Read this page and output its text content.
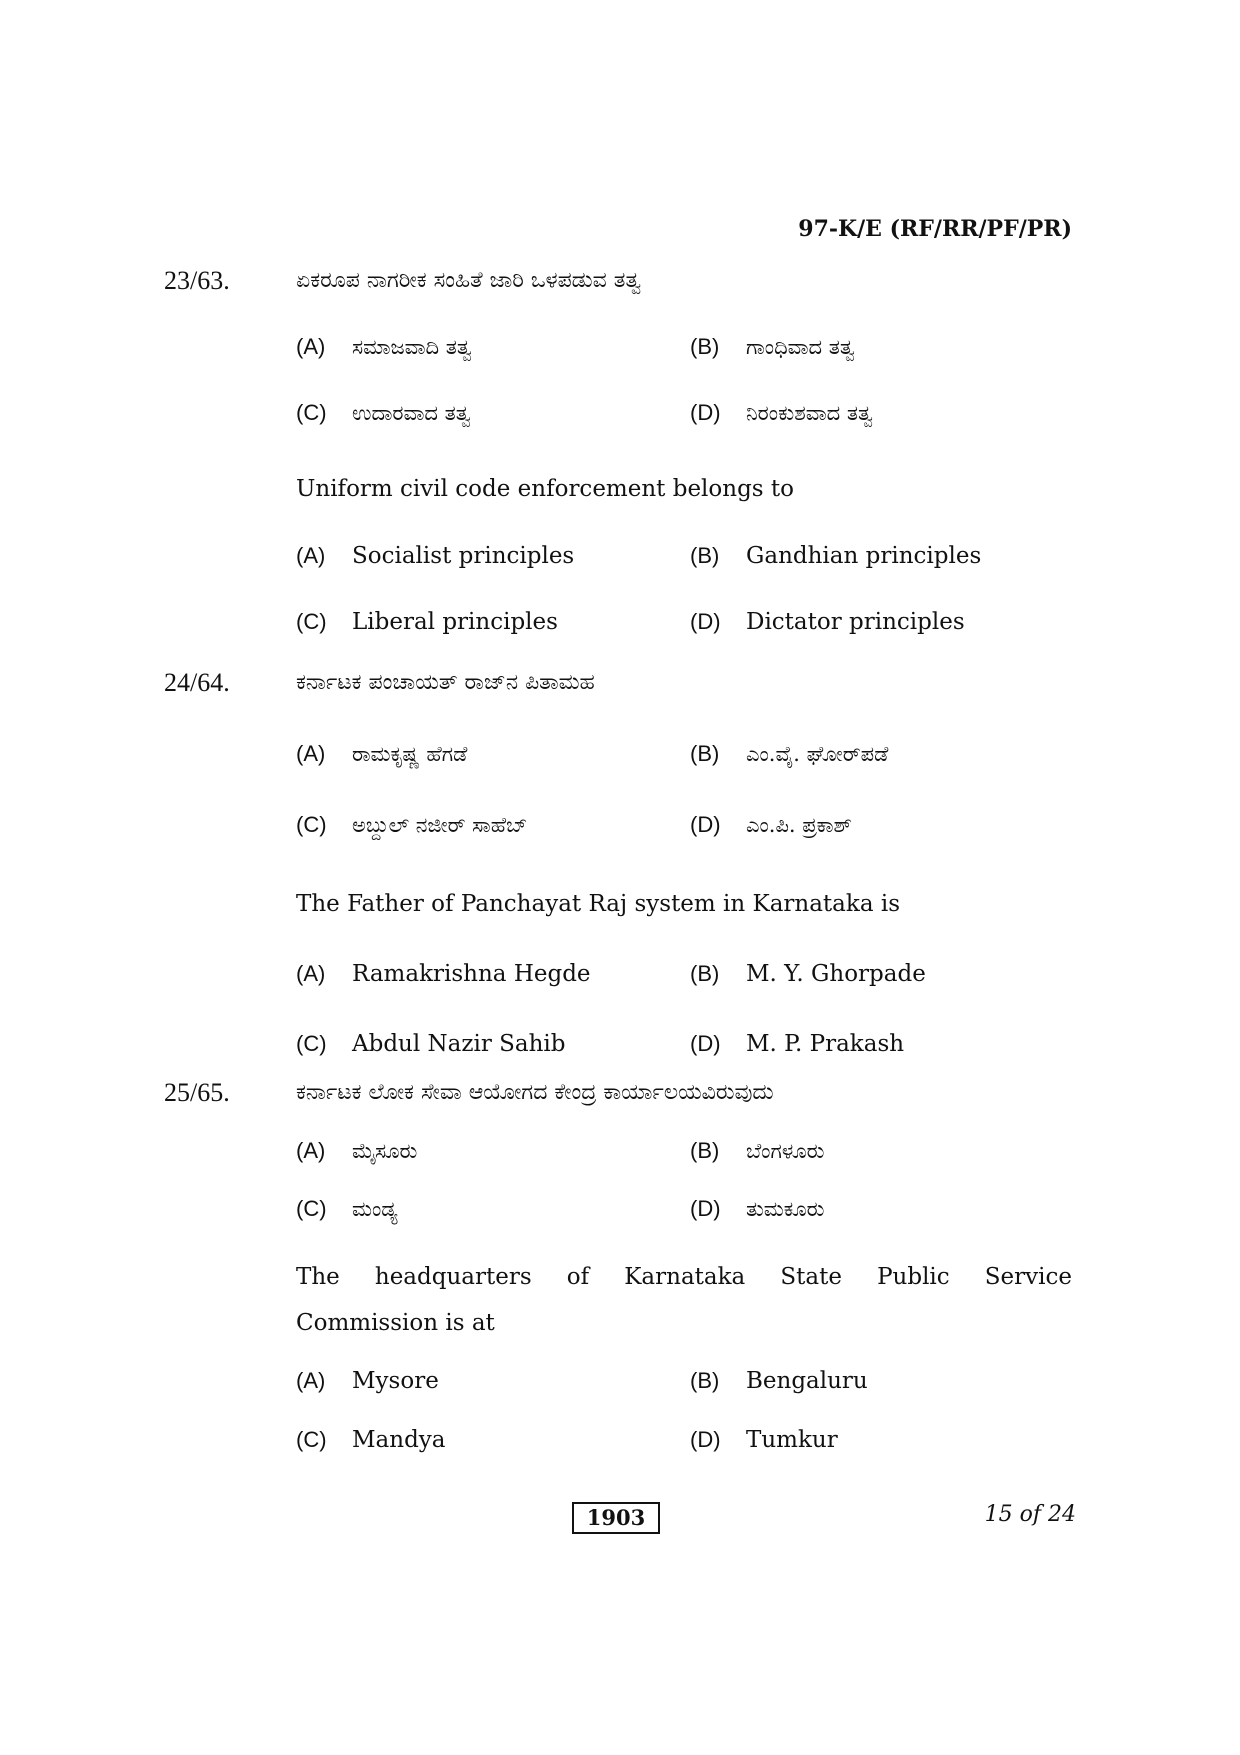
97-K/E (RF/RR/PF/PR)
23/63.	ಏಕರೂಪ ನಾಗರೀಕ ಸಂಹಿತೆ ಜಾರಿ ಒಳಪಡುವ ತತ್ವ
(A) ಸಮಾಜವಾದಿ ತತ್ವ	(B) ಗಾಂಧಿವಾದ ತತ್ವ
(C) ಉದಾರವಾದ ತತ್ವ	(D) ನಿರಂಕುಶವಾದ ತತ್ವ
Uniform civil code enforcement belongs to
(A) Socialist principles	(B) Gandhian principles
(C) Liberal principles	(D) Dictator principles
24/64.	ಕರ್ನಾಟಕ ಪಂಚಾಯತ್ ರಾಜ್‌ನ ಪಿತಾಮಹ
(A) ರಾಮಕೃಷ್ಣ ಹೆಗಡೆ	(B) ಎಂ.ವೈ. ಘೋರ್‌ಪಡೆ
(C) ಅಬ್ದುಲ್ ನಜೀರ್ ಸಾಹೆಬ್	(D) ಎಂ.ಪಿ. ಪ್ರಕಾಶ್
The Father of Panchayat Raj system in Karnataka is
(A) Ramakrishna Hegde	(B) M. Y. Ghorpade
(C) Abdul Nazir Sahib	(D) M. P. Prakash
25/65.	ಕರ್ನಾಟಕ ಲೋಕ ಸೇವಾ ಆಯೋಗದ ಕೇಂದ್ರ ಕಾರ್ಯಾಲಯವಿರುವುದು
(A) ಮೈಸೂರು	(B) ಬೆಂಗಳೂರು
(C) ಮಂಡ್ಯ	(D) ತುಮಕೂರು
The headquarters of Karnataka State Public Service
Commission is at
(A) Mysore	(B) Bengaluru
(C) Mandya	(D) Tumkur
1903	15 of 24
